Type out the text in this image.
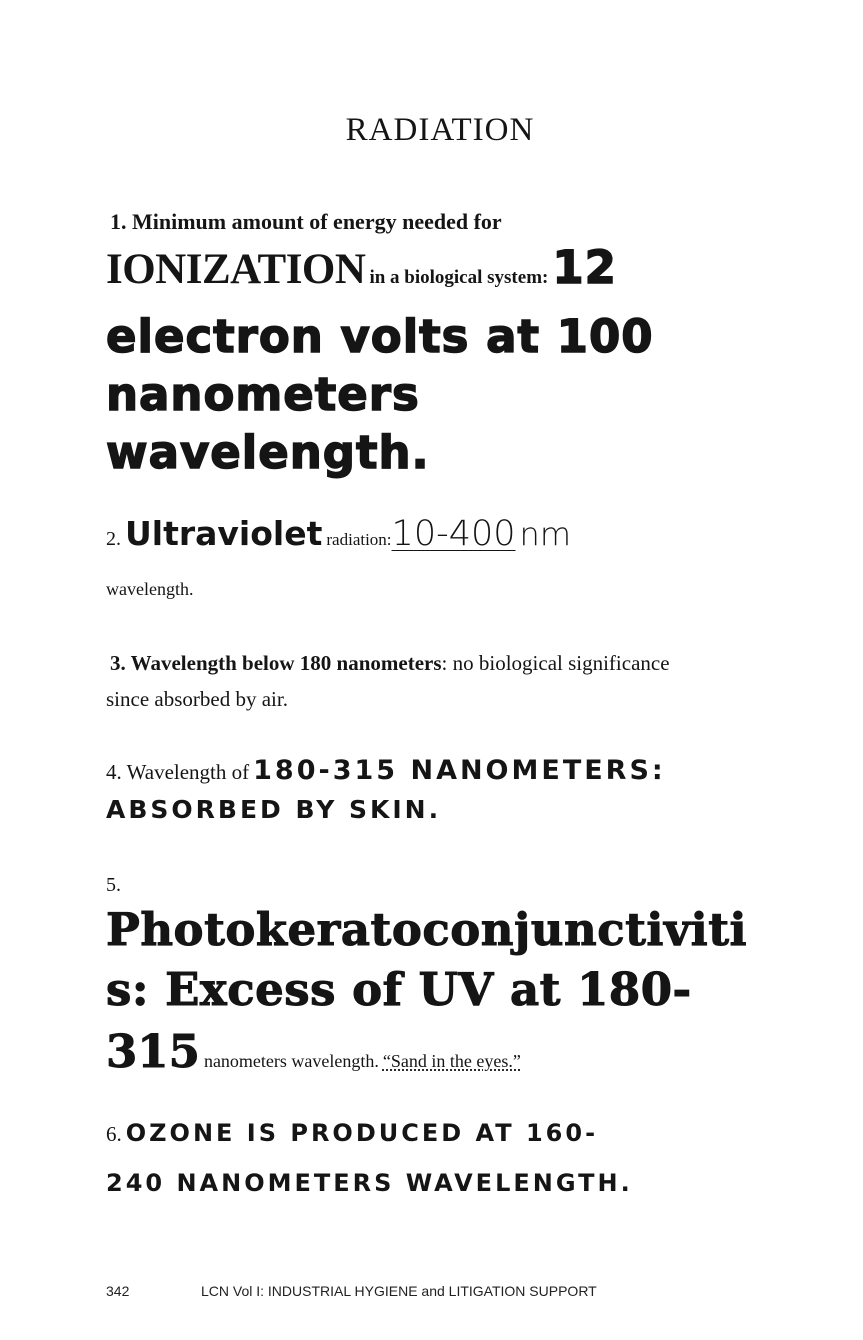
RADIATION
1. Minimum amount of energy needed for
IONIZATION in a biological system: 12
electron volts at 100
nanometers
wavelength.
2. Ultraviolet radiation:10-400 nm
wavelength.
3. Wavelength below 180 nanometers: no biological significance
since absorbed by air.
4. Wavelength of 180-315 NANOMETERS:
ABSORBED BY SKIN.
5.
Photokeratoconjunctivitis: Excess of UV at 180-
315 nanometers wavelength. “Sand in the eyes.”
6. OZONE IS PRODUCED AT 160-
240 NANOMETERS WAVELENGTH.
342	LCN Vol I: INDUSTRIAL HYGIENE and LITIGATION SUPPORT
